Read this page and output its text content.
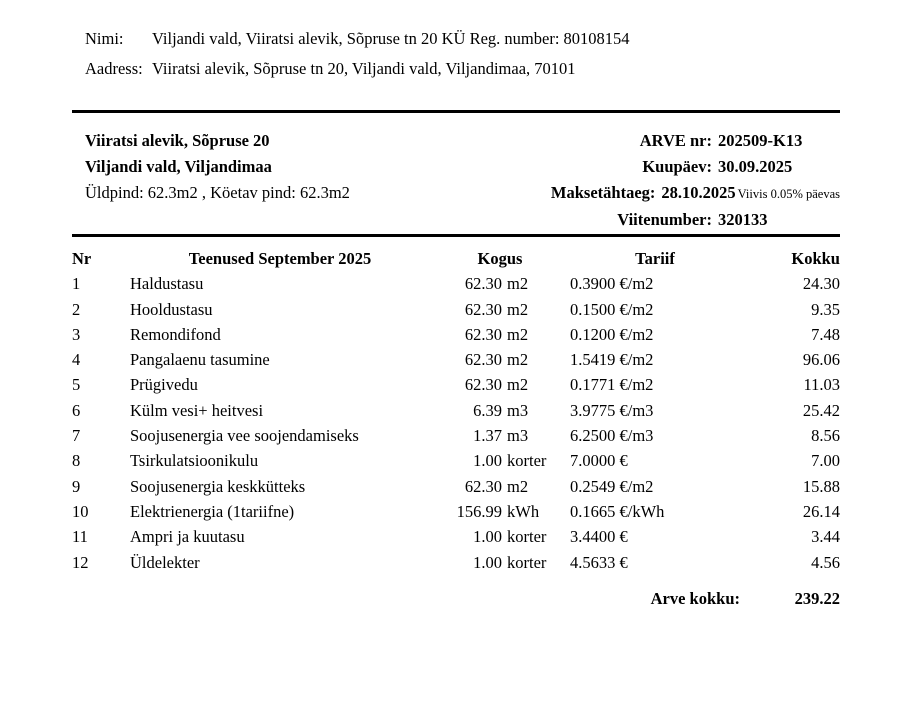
Nimi:	Viljandi vald, Viiratsi alevik, Sõpruse tn 20 KÜ Reg. number: 80108154
Aadress: Viiratsi alevik, Sõpruse tn 20, Viljandi vald, Viljandimaa, 70101
Viiratsi alevik, Sõpruse 20
Viljandi vald, Viljandimaa
Üldpind: 62.3m2 , Köetav pind: 62.3m2
ARVE nr: 202509-K13
Kuupäev: 30.09.2025
Maksetähtaeg: 28.10.2025 Viivis 0.05% päevas
Viitenumber: 320133
Nr	Teenused September 2025	Kogus	Tariif	Kokku
1	Haldustasu	62.30 m2	0.3900 €/m2	24.30
2	Hooldustasu	62.30 m2	0.1500 €/m2	9.35
3	Remondifond	62.30 m2	0.1200 €/m2	7.48
4	Pangalaenu tasumine	62.30 m2	1.5419 €/m2	96.06
5	Prügivedu	62.30 m2	0.1771 €/m2	11.03
6	Külm vesi+ heitvesi	6.39 m3	3.9775 €/m3	25.42
7	Soojusenergia vee soojendamiseks	1.37 m3	6.2500 €/m3	8.56
8	Tsirkulatsioonikulu	1.00 korter	7.0000 €	7.00
9	Soojusenergia keskkütteks	62.30 m2	0.2549 €/m2	15.88
10	Elektrienergia (1tariifne)	156.99 kWh	0.1665 €/kWh	26.14
11	Ampri ja kuutasu	1.00 korter	3.4400 €	3.44
12	Üldelekter	1.00 korter	4.5633 €	4.56
			Arve kokku:	239.22
